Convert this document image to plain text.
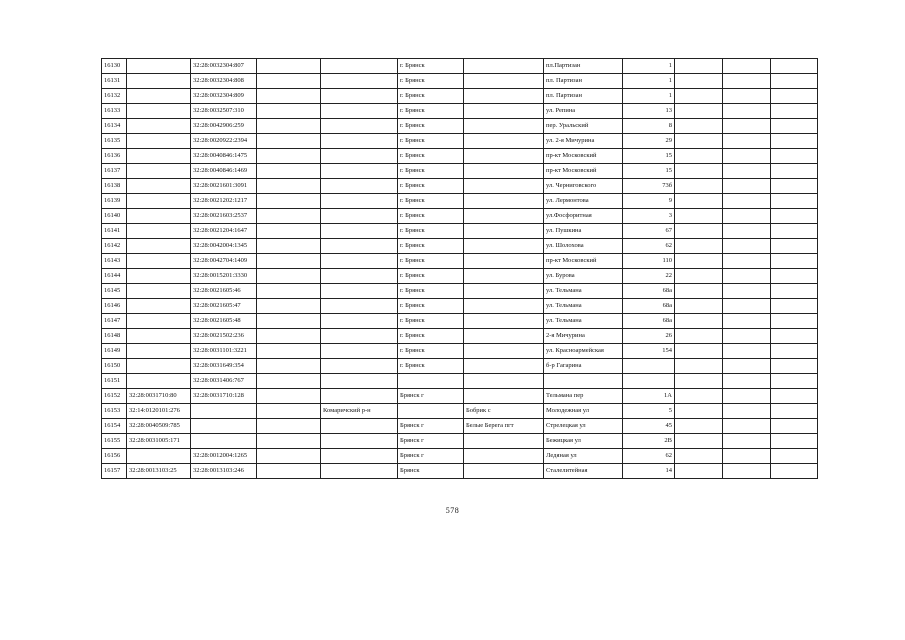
16130		32:28:0032304:807			г. Брянск		пл.Партизан	1			
16131		32:28:0032304:808			г. Брянск		пл. Партизан	1			
16132		32:28:0032304:809			г. Брянск		пл. Партизан	1			
16133		32:28:0032507:310			г. Брянск		ул. Репина	13			
16134		32:28:0042906:259			г. Брянск		пер. Уральский	8			
16135		32:28:0020922:2394			г. Брянск		ул. 2-я Мичурина	29			
16136		32:28:0040846:1475			г. Брянск		пр-кт Московский	15			
16137		32:28:0040846:1469			г. Брянск		пр-кт Московский	15			
16138		32:28:0021601:3091			г. Брянск		ул. Черниговского	73б			
16139		32:28:0021202:1217			г. Брянск		ул. Лермонтова	9			
16140		32:28:0021603:2537			г. Брянск		ул.Фосфоритная	3			
16141		32:28:0021204:1647			г. Брянск		ул. Пушкина	67			
16142		32:28:0042004:1345			г. Брянск		ул. Шолохова	62			
16143		32:28:0042704:1409			г. Брянск		пр-кт Московский	110			
16144		32:28:0015201:3330			г. Брянск		ул. Бурова	22			
16145		32:28:0021605:46			г. Брянск		ул. Тельмана	68а			
16146		32:28:0021605:47			г. Брянск		ул. Тельмана	68а			
16147		32:28:0021605:48			г. Брянск		ул. Тельмана	68а			
16148		32:28:0021502:236			г. Брянск		2-я Мичурина	26			
16149		32:28:0031101:3221			г. Брянск		ул. Красноармейская	154			
16150		32:28:0031649:354			г. Брянск		б-р Гагарина				
16151		32:28:0031406:767									
16152	32:28:0031710:80	32:28:0031710:128			Брянск г		Тельмана пер	1А			
16153	32:14:0120101:276			Комаричский р-н		Бобрик с	Молодежная ул	5			
16154	32:28:0040509:785				Брянск г	Белые Берега пгт	Стрелецкая ул	45			
16155	32:28:0031005:171				Брянск г		Бежицкая ул	2В			
16156		32:28:0012004:1265			Брянск г		Ледяная ул	62			
16157	32:28:0013103:25	32:28:0013103:246			Брянск		Сталелитейная	14			
578
